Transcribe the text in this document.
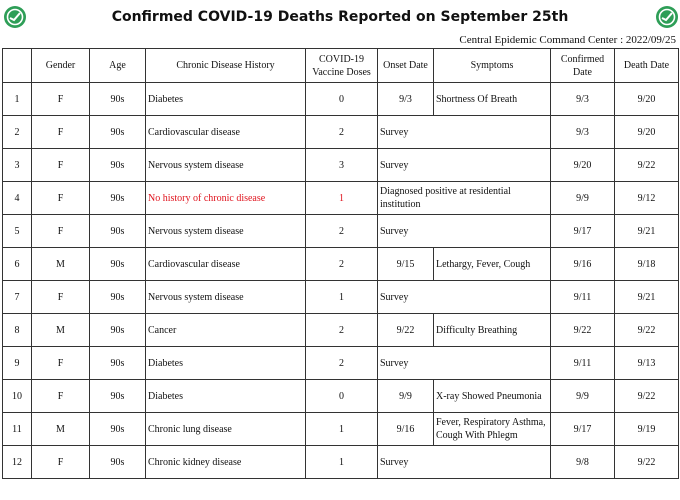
Confirmed COVID-19 Deaths Reported on September 25th
Central Epidemic Command Center : 2022/09/25
	Gender	Age	Chronic Disease History	COVID-19 Vaccine Doses	Onset Date	Symptoms	Confirmed Date	Death Date
1	F	90s	Diabetes	0	9/3	Shortness Of Breath	9/3	9/20
2	F	90s	Cardiovascular disease	2	Survey		9/3	9/20
3	F	90s	Nervous system disease	3	Survey		9/20	9/22
4	F	90s	No history of chronic disease	1	Diagnosed positive at residential institution		9/9	9/12
5	F	90s	Nervous system disease	2	Survey		9/17	9/21
6	M	90s	Cardiovascular disease	2	9/15	Lethargy, Fever, Cough	9/16	9/18
7	F	90s	Nervous system disease	1	Survey		9/11	9/21
8	M	90s	Cancer	2	9/22	Difficulty Breathing	9/22	9/22
9	F	90s	Diabetes	2	Survey		9/11	9/13
10	F	90s	Diabetes	0	9/9	X-ray Showed Pneumonia	9/9	9/22
11	M	90s	Chronic lung disease	1	9/16	Fever, Respiratory Asthma, Cough With Phlegm	9/17	9/19
12	F	90s	Chronic kidney disease	1	Survey		9/8	9/22
